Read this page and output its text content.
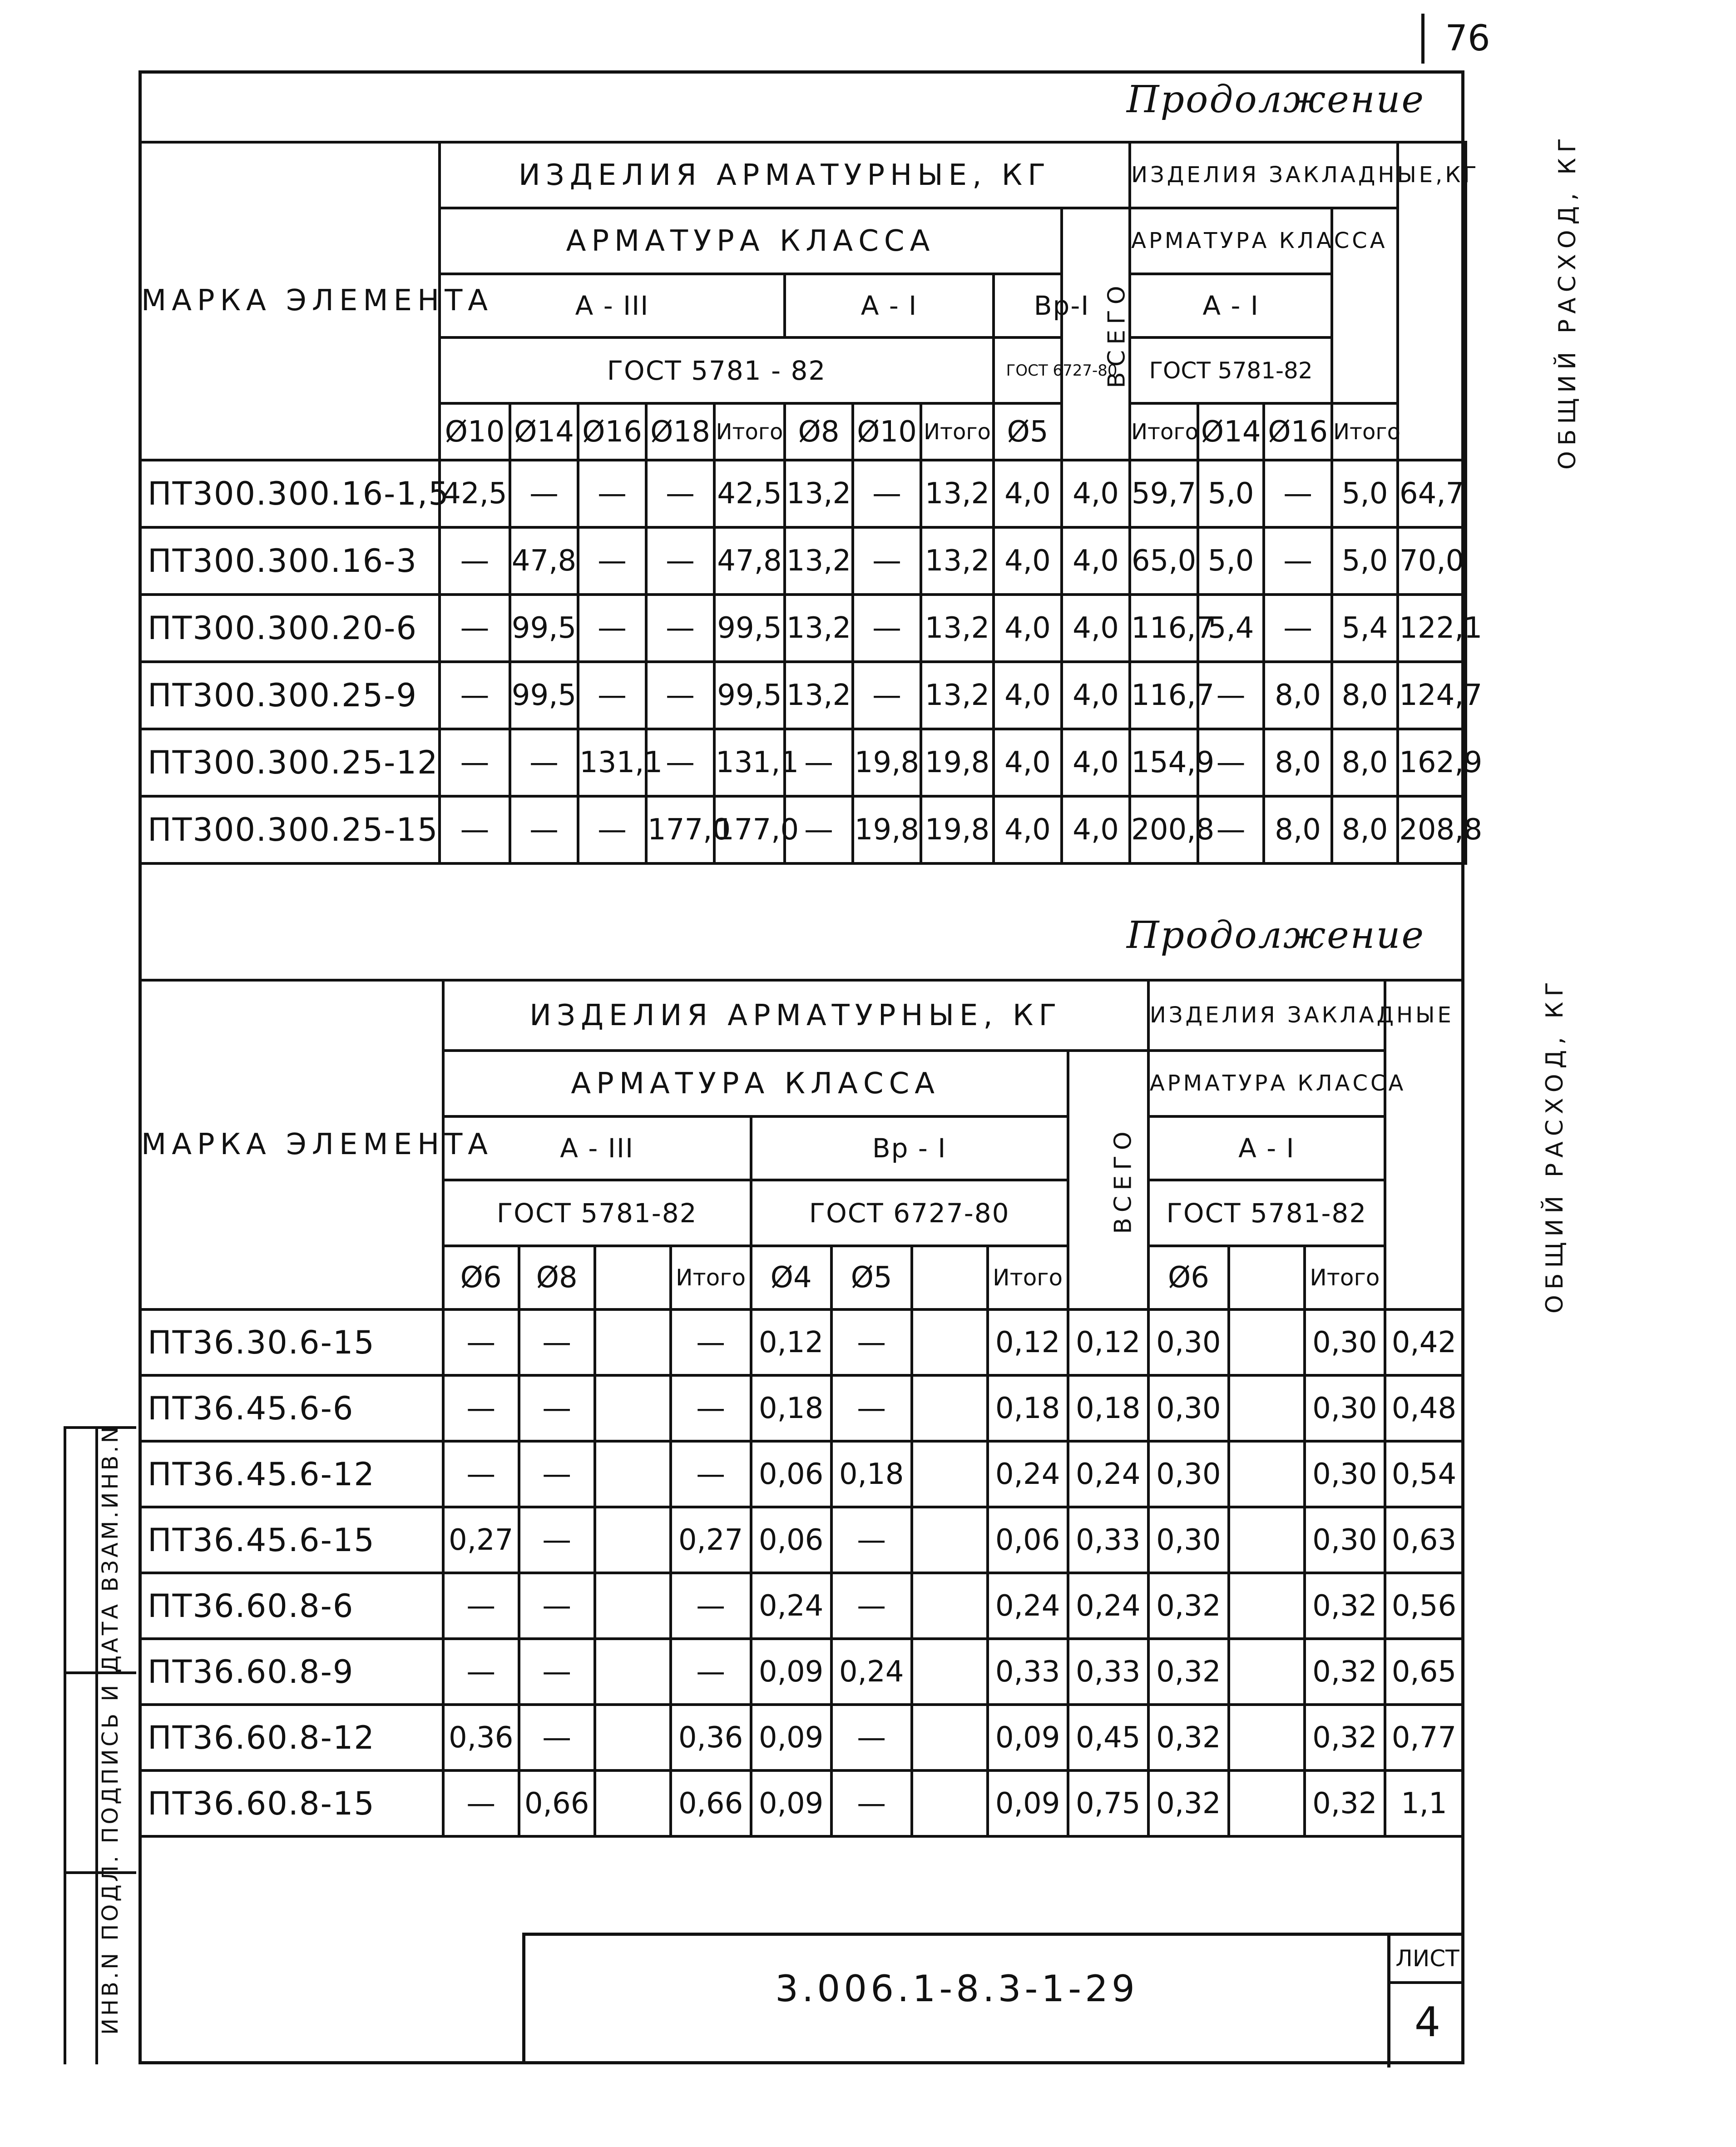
76
Продолжение
Продолжение
МАРКА ЭЛЕМЕНТА	ИЗДЕЛИЯ АРМАТУРНЫЕ, КГ										ИЗДЕЛИЯ ЗАКЛАДНЫЕ,КГ				ОБЩИЙ РАСХОД, КГ
	АРМАТУРА КЛАССА									ВСЕГО	АРМАТУРА КЛАССА				
	А - III					А - I			Bр-I		А - I				
	ГОСТ 5781 - 82								ГОСТ 6727-80		ГОСТ 5781-82				
	Ø10	Ø14	Ø16	Ø18	Итого	Ø8	Ø10	Итого	Ø5		Итого	Ø14	Ø16	Итого	
ПТ300.300.16-1,5	42,5	—	—	—	42,5	13,2	—	13,2	4,0	4,0	59,7	5,0	—	5,0	64,7
ПТ300.300.16-3	—	47,8	—	—	47,8	13,2	—	13,2	4,0	4,0	65,0	5,0	—	5,0	70,0
ПТ300.300.20-6	—	99,5	—	—	99,5	13,2	—	13,2	4,0	4,0	116,7	5,4	—	5,4	122,1
ПТ300.300.25-9	—	99,5	—	—	99,5	13,2	—	13,2	4,0	4,0	116,7	—	8,0	8,0	124,7
ПТ300.300.25-12	—	—	131,1	—	131,1	—	19,8	19,8	4,0	4,0	154,9	—	8,0	8,0	162,9
ПТ300.300.25-15	—	—	—	177,0	177,0	—	19,8	19,8	4,0	4,0	200,8	—	8,0	8,0	208,8
МАРКА ЭЛЕМЕНТА	ИЗДЕЛИЯ АРМАТУРНЫЕ, КГ									ИЗДЕЛИЯ ЗАКЛАДНЫЕ			ОБЩИЙ РАСХОД, КГ
	АРМАТУРА КЛАССА								ВСЕГО	АРМАТУРА КЛАССА			
	А - III				Bр - I					А - I			
	ГОСТ 5781-82				ГОСТ 6727-80					ГОСТ 5781-82			
	Ø6	Ø8		Итого	Ø4	Ø5		Итого		Ø6		Итого	
ПТ36.30.6-15	—	—		—	0,12	—		0,12	0,12	0,30		0,30	0,42
ПТ36.45.6-6	—	—		—	0,18	—		0,18	0,18	0,30		0,30	0,48
ПТ36.45.6-12	—	—		—	0,06	0,18		0,24	0,24	0,30		0,30	0,54
ПТ36.45.6-15	0,27	—		0,27	0,06	—		0,06	0,33	0,30		0,30	0,63
ПТ36.60.8-6	—	—		—	0,24	—		0,24	0,24	0,32		0,32	0,56
ПТ36.60.8-9	—	—		—	0,09	0,24		0,33	0,33	0,32		0,32	0,65
ПТ36.60.8-12	0,36	—		0,36	0,09	—		0,09	0,45	0,32		0,32	0,77
ПТ36.60.8-15	—	0,66		0,66	0,09	—		0,09	0,75	0,32		0,32	1,1
ИНВ.N ПОДЛ. ПОДПИСЬ И ДАТА ВЗАМ.ИНВ.N	3.006.1-8.3-1-29
ЛИСТ
4
